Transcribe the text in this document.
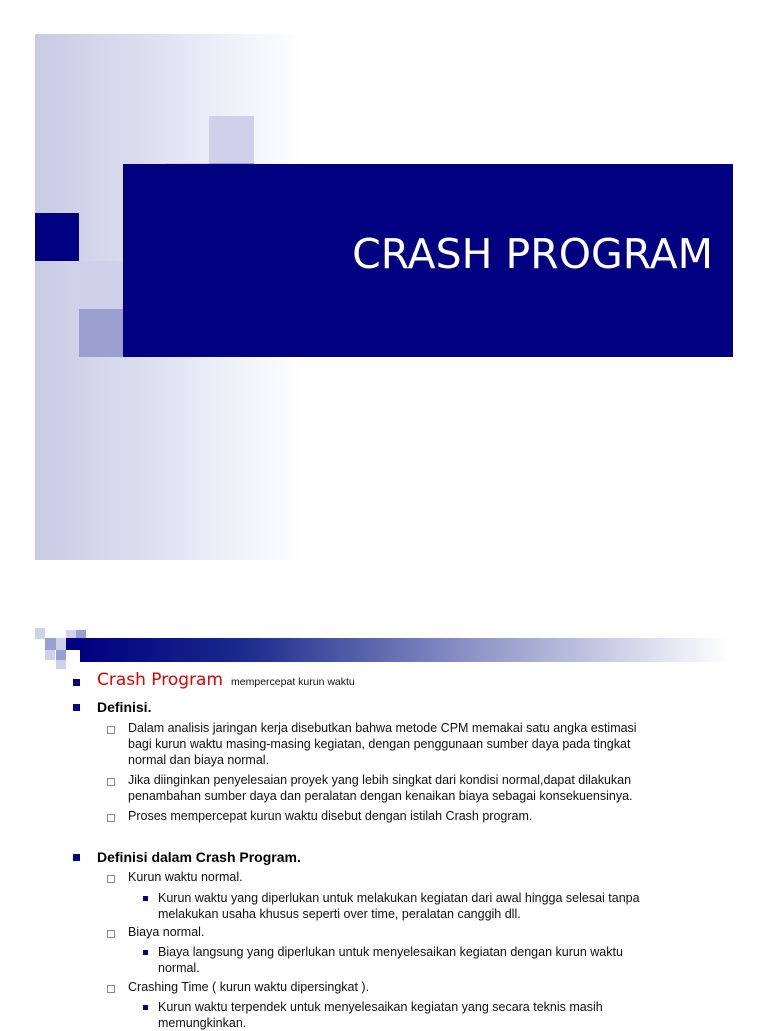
CRASH PROGRAM
Crash Program mempercepat kurun waktu
Definisi.
Dalam analisis jaringan kerja disebutkan bahwa metode CPM memakai satu angka estimasi
bagi kurun waktu masing-masing kegiatan, dengan penggunaan sumber daya pada tingkat
normal dan biaya normal.
Jika diinginkan penyelesaian proyek yang lebih singkat dari kondisi normal,dapat dilakukan
penambahan sumber daya dan peralatan dengan kenaikan biaya sebagai konsekuensinya.
Proses mempercepat kurun waktu disebut dengan istilah Crash program.
Definisi dalam Crash Program.
Kurun waktu normal.
Kurun waktu yang diperlukan untuk melakukan kegiatan dari awal hingga selesai tanpa
melakukan usaha khusus seperti over time, peralatan canggih dll.
Biaya normal.
Biaya langsung yang diperlukan untuk menyelesaikan kegiatan dengan kurun waktu
normal.
Crashing Time ( kurun waktu dipersingkat ).
Kurun waktu terpendek untuk menyelesaikan kegiatan yang secara teknis masih
memungkinkan.
